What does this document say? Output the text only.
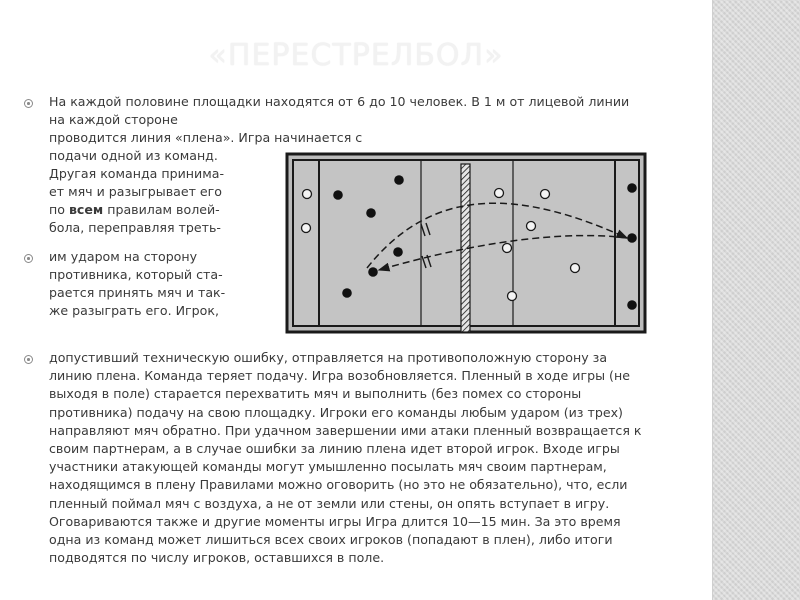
«ПЕРЕСТРЕЛБОЛ»
На каждой половине площадки находятся от 6 до 10 человек. В 1 м от лицевой линии
на каждой стороне
проводится линия «плена». Игра начинается с
подачи одной из команд.
Другая команда принима-
ет мяч и разыгрывает его
по всем правилам волей-
бола, переправляя треть-
им ударом на сторону
противника, который ста-
рается принять мяч и так-
же разыграть его. Игрок,
допустивший техническую ошибку, отправляется на противоположную сторону за
линию плена. Команда теряет подачу. Игра возобновляется. Пленный в ходе игры (не
выходя в поле) старается перехватить мяч и выполнить (без помех со стороны
противника) подачу на свою площадку. Игроки его команды любым ударом (из трех)
направляют мяч обратно. При удачном завершении ими атаки пленный возвращается к
своим партнерам, а в случае ошибки за линию плена идет второй игрок. Входе игры
участники атакующей команды могут умышленно посылать мяч своим партнерам,
находящимся в плену Правилами можно оговорить (но это не обязательно), что, если
пленный поймал мяч с воздуха, а не от земли или стены, он опять вступает в игру.
Оговариваются также и другие моменты игры Игра длится 10—15 мин. За это время
одна из команд может лишиться всех своих игроков (попадают в плен), либо итоги
подводятся по числу игроков, оставшихся в поле.
